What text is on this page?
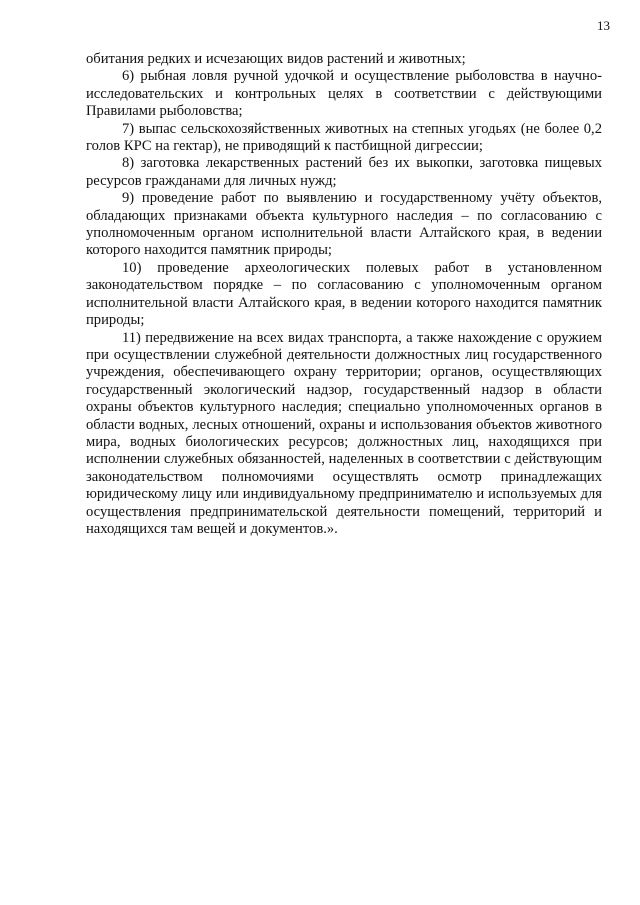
13

обитания редких и исчезающих видов растений и животных;

6) рыбная ловля ручной удочкой и осуществление рыболовства в научно-исследовательских и контрольных целях в соответствии с действующими Правилами рыболовства;

7) выпас сельскохозяйственных животных на степных угодьях (не более 0,2 голов КРС на гектар), не приводящий к пастбищной дигрессии;

8) заготовка лекарственных растений без их выкопки, заготовка пищевых ресурсов гражданами для личных нужд;

9) проведение работ по выявлению и государственному учёту объектов, обладающих признаками объекта культурного наследия – по согласованию с уполномоченным органом исполнительной власти Алтайского края, в ведении которого находится памятник природы;

10) проведение археологических полевых работ в установленном законодательством порядке – по согласованию с уполномоченным органом исполнительной власти Алтайского края, в ведении которого находится памятник природы;

11) передвижение на всех видах транспорта, а также нахождение с оружием при осуществлении служебной деятельности должностных лиц государственного учреждения, обеспечивающего охрану территории; органов, осуществляющих государственный экологический надзор, государственный надзор в области охраны объектов культурного наследия; специально уполномоченных органов в области водных, лесных отношений, охраны и использования объектов животного мира, водных биологических ресурсов; должностных лиц, находящихся при исполнении служебных обязанностей, наделенных в соответствии с действующим законодательством полномочиями осуществлять осмотр принадлежащих юридическому лицу или индивидуальному предпринимателю и используемых для осуществления предпринимательской деятельности помещений, территорий и находящихся там вещей и документов.».
